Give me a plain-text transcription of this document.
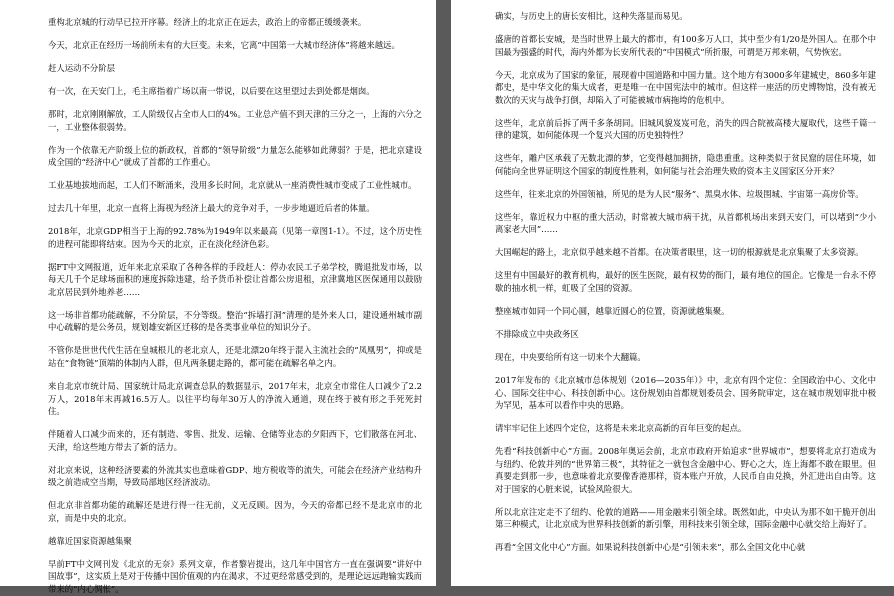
重构北京城的行动早已拉开序幕。经济上的北京正在远去，政治上的帝都正缓缓袭来。

今天，北京正在经历一场前所未有的大巨变。未来，它离“中国第一大城市经济体”将越来越远。

赶人运动不分阶层

有一次，在天安门上，毛主席指着广场以南一带说，以后要在这里望过去到处都是烟囱。

那时，北京刚刚解放，工人阶级仅占全市人口的4%。工业总产值不到天津的三分之一，上海的六分之一，工业整体很弱势。

作为一个依靠无产阶级上位的新政权，首都的“领导阶级”力量怎么能够如此薄弱？于是，把北京建设成全国的“经济中心”就成了首都的工作重心。

工业基地拔地而起，工人们不断涌来，没用多长时间，北京就从一座消费性城市变成了工业性城市。

过去几十年里，北京一直将上海视为经济上最大的竞争对手，一步步地逼近后者的体量。

2018年，北京GDP相当于上海的92.78%为1949年以来最高（见第一章图1-1）。不过，这个历史性的进程可能即将结束。因为今天的北京，正在淡化经济色彩。

据FT中文网报道，近年来北京采取了各种各样的手段赶人：停办农民工子弟学校，腾退批发市场，以每天几千个足球场面积的速度拆除违建，给予货币补偿让首都公房退租，京津冀地区医保通用以鼓励北京居民到外地养老……

这一场非首都功能疏解，不分阶层，不分等级。整治“拆墙打洞”清理的是外来人口，建设通州城市副中心疏解的是公务员，规划雄安新区迁移的是各类事业单位的知识分子。

不管你是世世代代生活在皇城根儿的老北京人，还是北漂20年终于混入主流社会的“凤凰男”，抑或是站在“食物链”顶端的体制内人群，但凡两条腿走路的，都可能在疏解名单之内。

来自北京市统计局、国家统计局北京调查总队的数据显示，2017年末，北京全市常住人口减少了2.2万人，2018年末再减16.5万人。以往平均每年30万人的净流入通道，现在终于被有形之手死死封住。

伴随着人口减少而来的，还有制造、零售、批发、运输、仓储等业态的夕阳西下，它们散落在河北、天津，给这些地方带去了新的活力。

对北京来说，这种经济要素的外流其实也意味着GDP、地方税收等的流失，可能会在经济产业结构升级之前造成空当期，导致局部地区经济波动。

但北京非首都功能的疏解还是进行得一往无前，义无反顾。因为，今天的帝都已经不是北京市的北京，而是中央的北京。

越靠近国家资源越集聚

早前FT中文网刊发《北京的无奈》系列文章，作者黎岩提出，这几年中国官方一直在强调要“讲好中国故事”，这实质上是对于传播中国价值观的内在渴求，不过更经常感受到的，是理论远远跑输实践而带来的“内心惆怅”。

确实，与历史上的唐长安相比，这种失落显而易见。

盛唐的首都长安城，是当时世界上最大的都市，有100多万人口，其中至少有1/20是外国人。在那个中国最为强盛的时代，海内外都为长安所代表的“中国模式”所折服，可谓是万邦来朝，气势恢宏。

今天，北京成为了国家的象征，展现着中国道路和中国力量。这个地方有3000多年建城史，860多年建都史，是中华文化的集大成者，更是唯一在中国宪法中的城市。但这样一座活的历史博物馆，没有被无数次的天灾与战争打倒，却陷入了可能被城市病拖垮的危机中。

这些年，北京前后拆了两千多条胡同。旧城风貌岌岌可危，消失的四合院被高楼大厦取代，这些千篇一律的建筑，如何能体现一个复兴大国的历史独特性？

这些年，雕户区承载了无数北漂的梦，它变得越加拥挤，隐患重重。这种类似于贫民窟的居住环境，如何能向全世界证明这个国家的制度性胜利，如何能与社会治理失败的资本主义国家区分开来？

这些年，往来北京的外国领袖，所见的是为人民“服务”、黑臭水体、垃圾围城、宇宙第一高房价等。

这些年，靠近权力中枢的重大活动，时常被大城市病干扰，从首都机场出来到天安门，可以堵到“少小离家老大回”……

大国崛起的路上，北京似乎越来越不首都。在决策者眼里，这一切的根源就是北京集聚了太多资源。

这里有中国最好的教育机构，最好的医生医院，最有权势的衙门，最有地位的国企。它像是一台永不停歇的抽水机一样，虹吸了全国的资源。

整座城市如同一个同心圆，越靠近圆心的位置，资源就越集聚。

不排除成立中央政务区

现在，中央要给所有这一切来个大翻篇。

2017年发布的《北京城市总体规划（2016—2035年）》中，北京有四个定位：全国政治中心、文化中心、国际交往中心、科技创新中心。这份规划由首都规划委员会、国务院审定，这在城市规划审批中极为罕见，基本可以看作中央的思路。

请牢牢记住上述四个定位，这将是未来北京高新的百年巨变的起点。

先看“科技创新中心”方面。2008年奥运会前，北京市政府开始追求“世界城市”，想要将北京打造成为与纽约、伦敦并列的“世界第三极”，其特征之一就包含金融中心、野心之大，连上海都不敢在眼里。但真要走到那一步，也意味着北京要像香港那样，资本账户开放，人民币自由兑换，外汇进出自由等。这对于国家的心脏来说，试验风险很大。

所以北京注定走不了纽约、伦敦的道路——用金融来引领全球。既然如此，中央认为那不如干脆开创出第三种模式，让北京成为世界科技创新的新引擎，用科技来引领全球，国际金融中心就交给上海好了。

再看“全国文化中心”方面。如果说科技创新中心是“引领未来”，那么全国文化中心就
